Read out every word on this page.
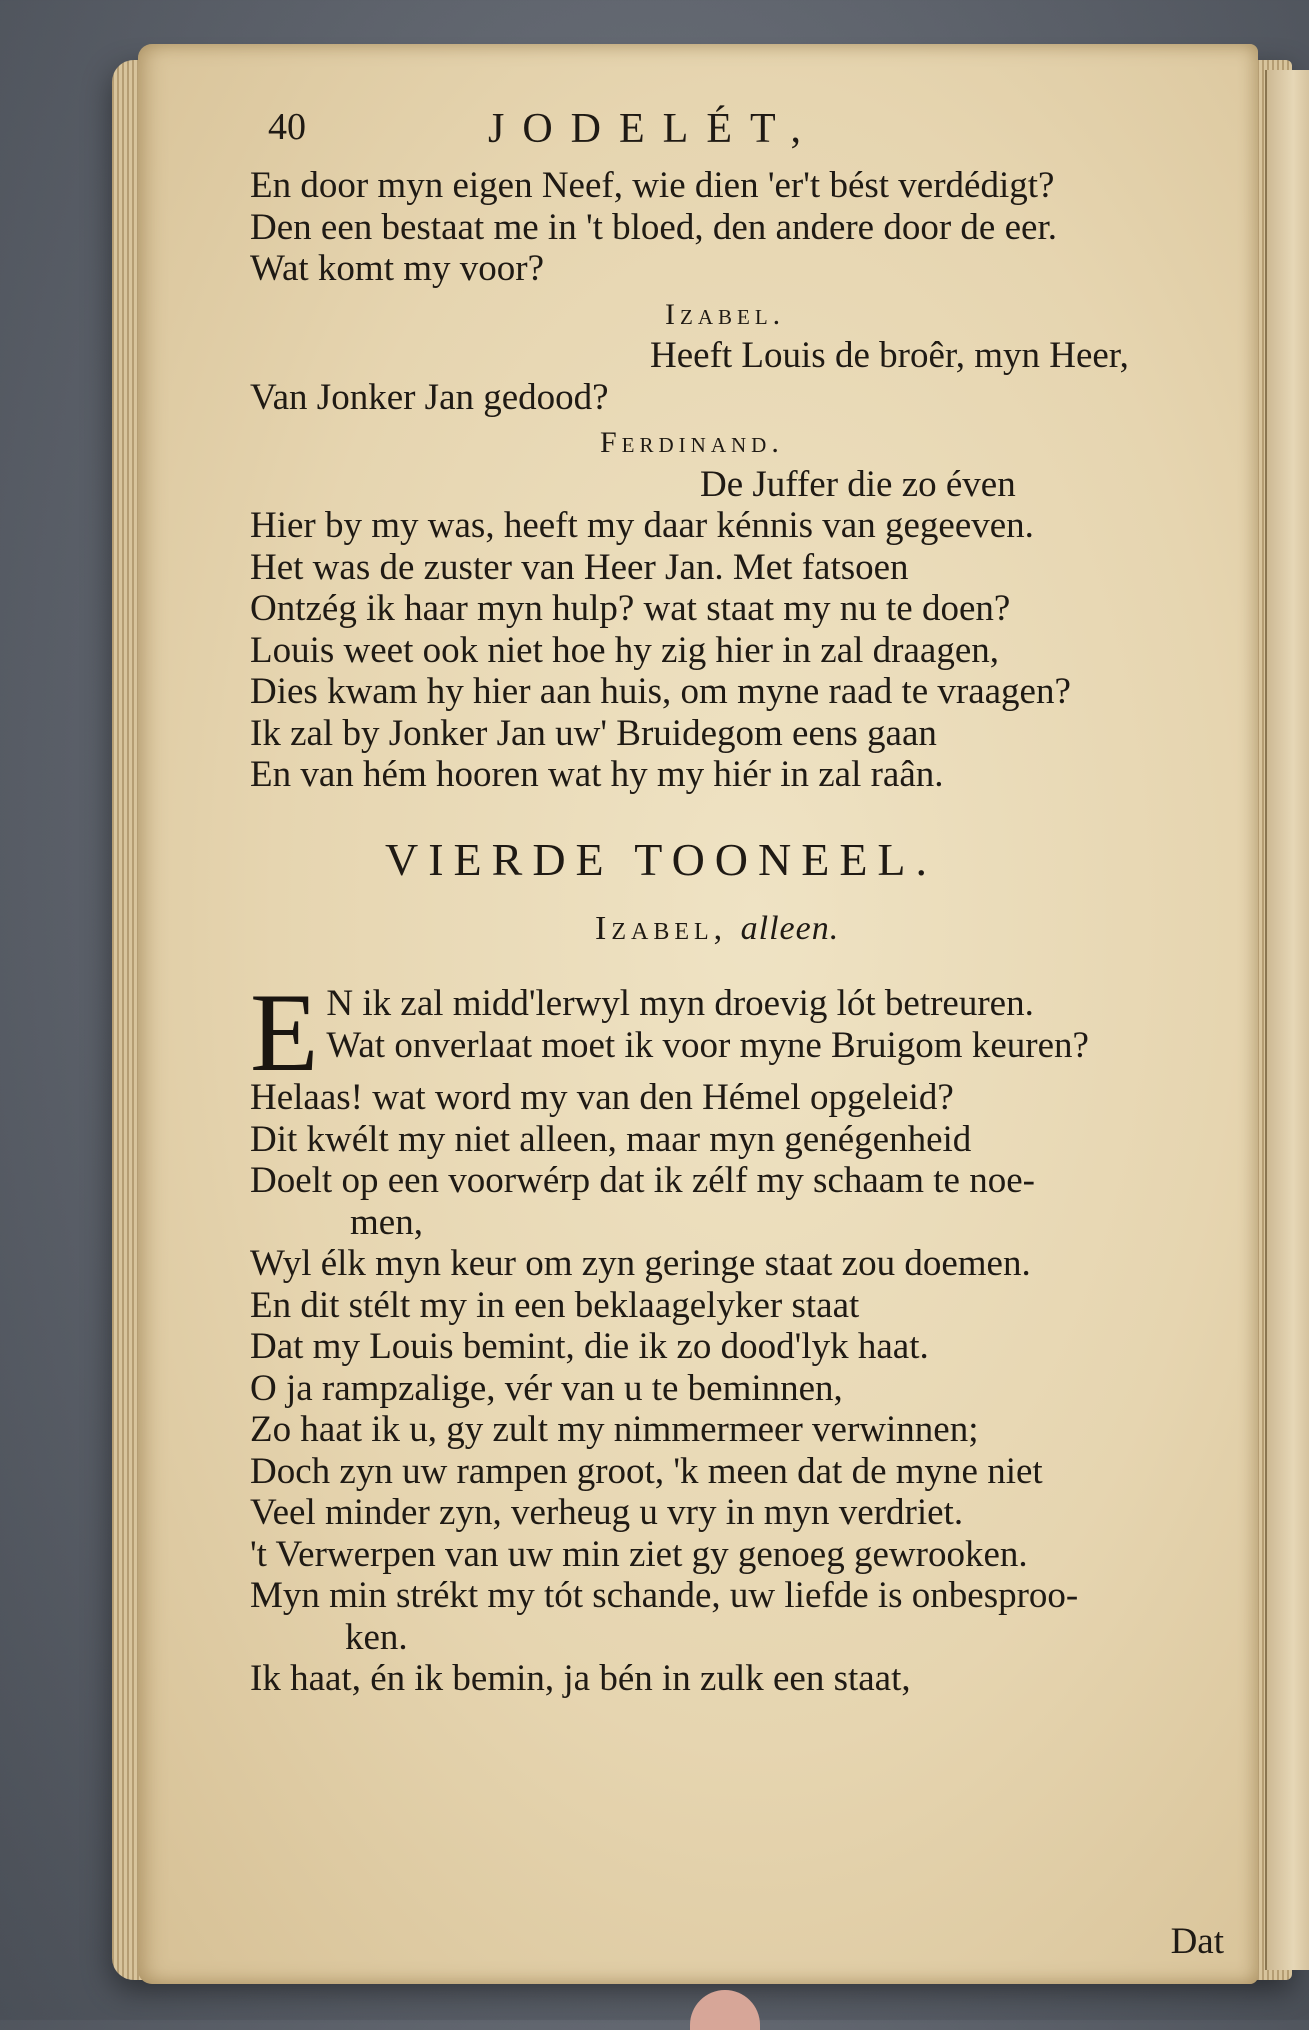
40	JODELÉT,
En door myn eigen Neef, wie dien 'er't bést verdédigt?
Den een bestaat me in 't bloed, den andere door de eer.
Wat komt my voor?
Izabel.
Heeft Louis de broêr, myn Heer,
Van Jonker Jan gedood?
Ferdinand.
De Juffer die zo éven
Hier by my was, heeft my daar kénnis van gegeeven.
Het was de zuster van Heer Jan. Met fatsoen
Ontzég ik haar myn hulp? wat staat my nu te doen?
Louis weet ook niet hoe hy zig hier in zal draagen,
Dies kwam hy hier aan huis, om myne raad te vraagen?
Ik zal by Jonker Jan uw' Bruidegom eens gaan
En van hém hooren wat hy my hiér in zal raân.
VIERDE TOONEEL.
Izabel, alleen.
E N ik zal midd'lerwyl myn droevig lót betreuren.
Wat onverlaat moet ik voor myne Bruigom keuren?
Helaas! wat word my van den Hémel opgeleid?
Dit kwélt my niet alleen, maar myn genégenheid
Doelt op een voorwérp dat ik zélf my schaam te noe-
men,
Wyl élk myn keur om zyn geringe staat zou doemen.
En dit stélt my in een beklaagelyker staat
Dat my Louis bemint, die ik zo dood'lyk haat.
O ja rampzalige, vér van u te beminnen,
Zo haat ik u, gy zult my nimmermeer verwinnen;
Doch zyn uw rampen groot, 'k meen dat de myne niet
Veel minder zyn, verheug u vry in myn verdriet.
't Verwerpen van uw min ziet gy genoeg gewrooken.
Myn min strékt my tót schande, uw liefde is onbesproo-
ken.
Ik haat, én ik bemin, ja bén in zulk een staat,
Dat
